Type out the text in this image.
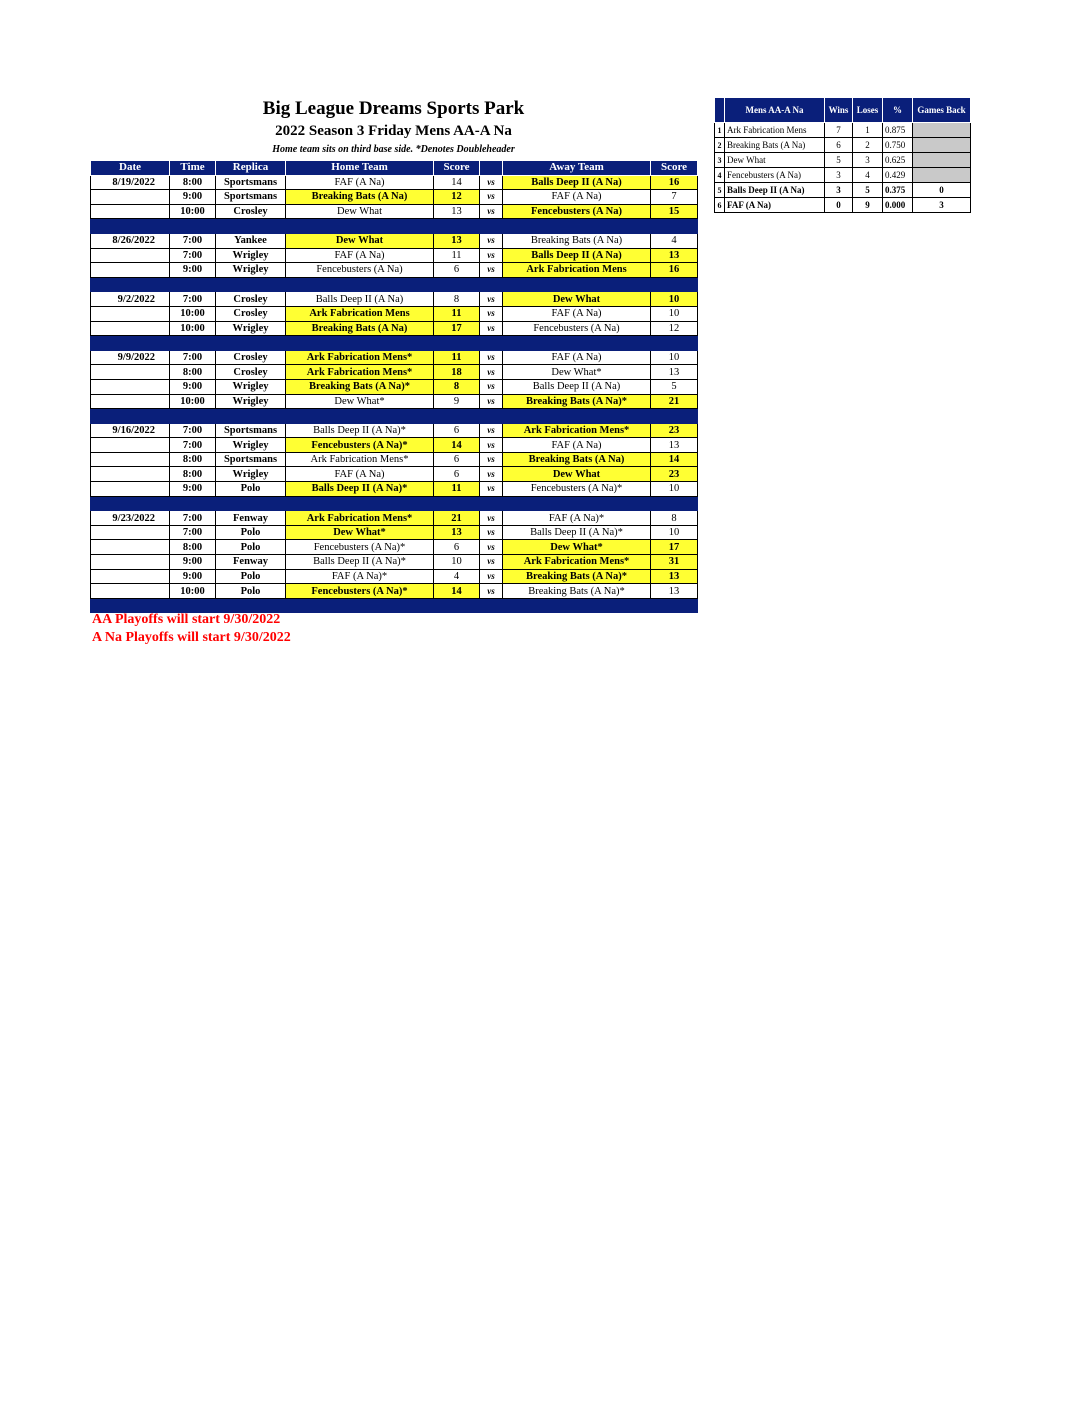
Big League Dreams Sports Park
2022 Season 3 Friday Mens AA-A Na
Home team sits on third base side. *Denotes Doubleheader
Date	Time	Replica	Home Team	Score		Away Team	Score
8/19/2022	8:00	Sportsmans	FAF (A Na)	14	vs	Balls Deep II (A Na)	16
	9:00	Sportsmans	Breaking Bats (A Na)	12	vs	FAF (A Na)	7
	10:00	Crosley	Dew What	13	vs	Fencebusters (A Na)	15

8/26/2022	7:00	Yankee	Dew What	13	vs	Breaking Bats (A Na)	4
	7:00	Wrigley	FAF (A Na)	11	vs	Balls Deep II (A Na)	13
	9:00	Wrigley	Fencebusters (A Na)	6	vs	Ark Fabrication Mens	16

9/2/2022	7:00	Crosley	Balls Deep II (A Na)	8	vs	Dew What	10
	10:00	Crosley	Ark Fabrication Mens	11	vs	FAF (A Na)	10
	10:00	Wrigley	Breaking Bats (A Na)	17	vs	Fencebusters (A Na)	12

9/9/2022	7:00	Crosley	Ark Fabrication Mens*	11	vs	FAF (A Na)	10
	8:00	Crosley	Ark Fabrication Mens*	18	vs	Dew What*	13
	9:00	Wrigley	Breaking Bats (A Na)*	8	vs	Balls Deep II (A Na)	5
	10:00	Wrigley	Dew What*	9	vs	Breaking Bats (A Na)*	21

9/16/2022	7:00	Sportsmans	Balls Deep II (A Na)*	6	vs	Ark Fabrication Mens*	23
	7:00	Wrigley	Fencebusters (A Na)*	14	vs	FAF (A Na)	13
	8:00	Sportsmans	Ark Fabrication Mens*	6	vs	Breaking Bats (A Na)	14
	8:00	Wrigley	FAF (A Na)	6	vs	Dew What	23
	9:00	Polo	Balls Deep II (A Na)*	11	vs	Fencebusters (A Na)*	10

9/23/2022	7:00	Fenway	Ark Fabrication Mens*	21	vs	FAF (A Na)*	8
	7:00	Polo	Dew What*	13	vs	Balls Deep II (A Na)*	10
	8:00	Polo	Fencebusters (A Na)*	6	vs	Dew What*	17
	9:00	Fenway	Balls Deep II (A Na)*	10	vs	Ark Fabrication Mens*	31
	9:00	Polo	FAF (A Na)*	4	vs	Breaking Bats (A Na)*	13
	10:00	Polo	Fencebusters (A Na)*	14	vs	Breaking Bats (A Na)*	13

	Mens AA-A Na	Wins	Loses	%	Games Back
1	Ark Fabrication Mens	7	1	0.875	
2	Breaking Bats (A Na)	6	2	0.750	
3	Dew What	5	3	0.625	
4	Fencebusters (A Na)	3	4	0.429	
5	Balls Deep II (A Na)	3	5	0.375	0
6	FAF (A Na)	0	9	0.000	3
AA Playoffs will start 9/30/2022
A Na Playoffs will start 9/30/2022
